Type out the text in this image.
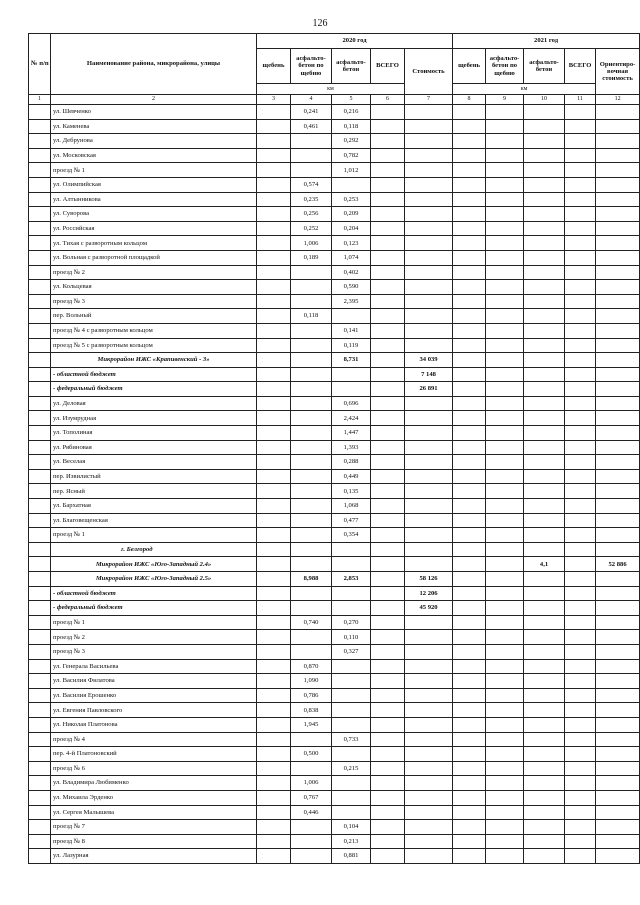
126
№ п/п	Наименование района, микрорайона, улицы	2020 год					2021 год				
		щебень	асфальто-бетон по щебню	асфальто-бетон	ВСЕГО	Стоимость	щебень	асфальто-бетон по щебню	асфальто-бетон	ВСЕГО	Ориентиро-вочная стоимость
		км					км				
1	2	3	4	5	6	7	8	9	10	11	12
	ул. Шевченко		0,241	0,216							
	ул. Каменева		0,461	0,118							
	ул. Дебрунова			0,292							
	ул. Московская			0,782							
	проезд № 1			1,012							
	ул. Олимпийская		0,574								
	ул. Алтынникова		0,235	0,253							
	ул. Суворова		0,256	0,209							
	ул. Российская		0,252	0,204							
	ул. Тихая с разворотным кольцом		1,006	0,123							
	ул. Вольная с разворотной площадкой		0,189	1,074							
	проезд № 2			0,402							
	ул. Кольцевая			0,590							
	проезд № 3			2,395							
	пер. Вольный		0,118								
	проезд № 4 с разворотным кольцом			0,141							
	проезд № 5 с разворотным кольцом			0,119							
	Микрорайон ИЖС «Крапивенский - 3»			8,731		34 039					
	- областной бюджет					7 148					
	- федеральный бюджет					26 891					
	ул. Деловая			0,696							
	ул. Изумрудная			2,424							
	ул. Тополиная			1,447							
	ул. Рябиновая			1,393							
	ул. Веселая			0,288							
	пер. Извилистый			0,449							
	пер. Ясный			0,135							
	ул. Бархатная			1,068							
	ул. Благовещенская			0,477							
	проезд № 1			0,354							
	г. Белгород										
	Микрорайон ИЖС «Юго-Западный 2.4»								4,1		52 886
	Микрорайон ИЖС «Юго-Западный 2.5»		8,988	2,853		58 126					
	- областной бюджет					12 206					
	- федеральный бюджет					45 920					
	проезд № 1		0,740	0,270							
	проезд № 2			0,110							
	проезд № 3			0,327							
	ул. Генерала Васильева		0,870								
	ул. Василия Филатова		1,090								
	ул. Василия Ерошенко		0,786								
	ул. Евгения Павловского		0,838								
	ул. Николая Платонова		1,945								
	проезд № 4			0,733							
	пер. 4-й Платоновский		0,500								
	проезд № 6			0,215							
	ул. Владимира Любименко		1,006								
	ул. Михаила Эрденко		0,767								
	ул. Сергея Малышева		0,446								
	проезд № 7			0,104							
	проезд № 8			0,213							
	ул. Лазурная			0,881							
